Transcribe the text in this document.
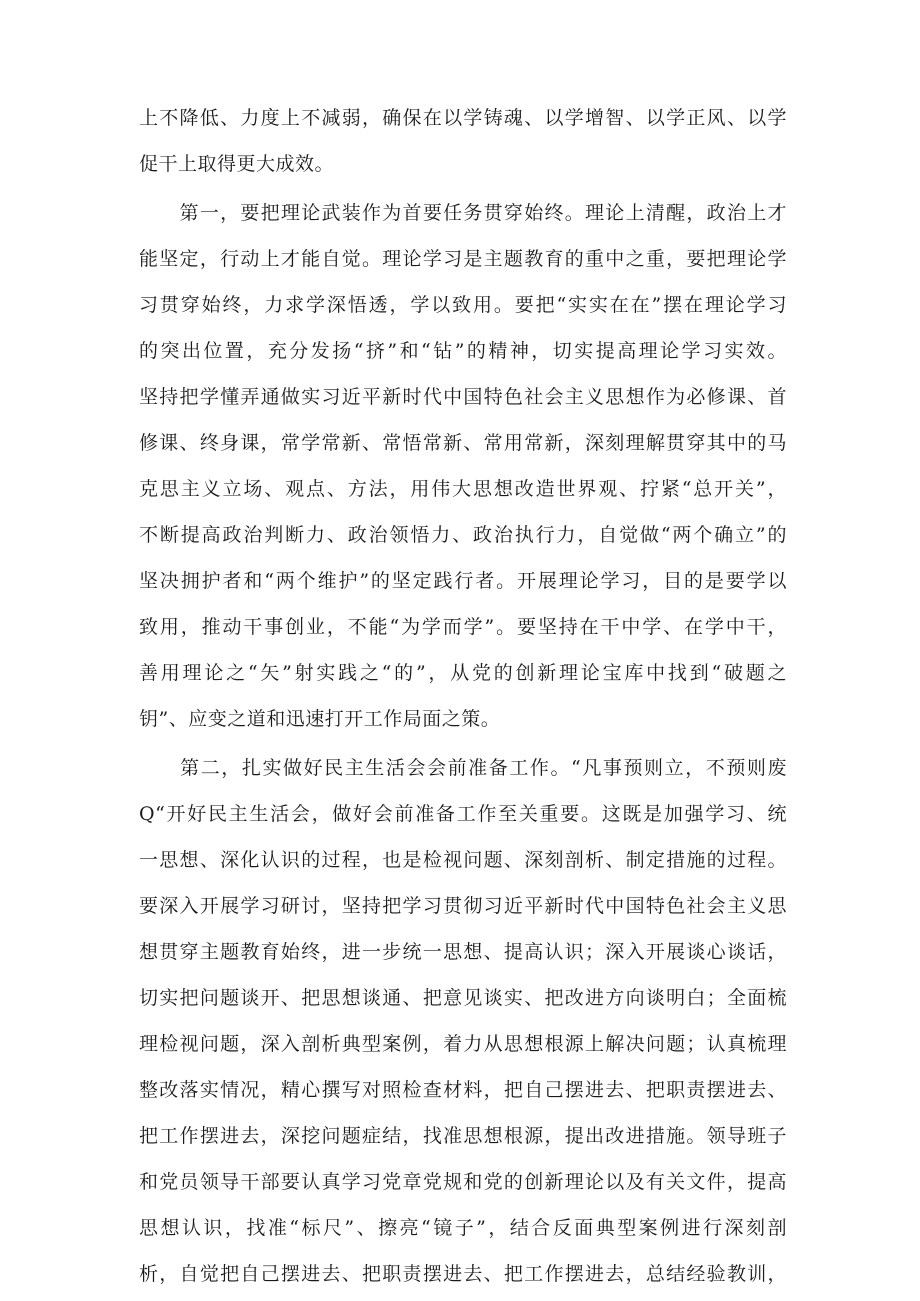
上不降低、力度上不减弱，确保在以学铸魂、以学增智、以学正风、以学
促干上取得更大成效。
　　第一，要把理论武装作为首要任务贯穿始终。理论上清醒，政治上才
能坚定，行动上才能自觉。理论学习是主题教育的重中之重，要把理论学
习贯穿始终，力求学深悟透，学以致用。要把“实实在在”摆在理论学习
的突出位置，充分发扬“挤”和“钻”的精神，切实提高理论学习实效。
坚持把学懂弄通做实习近平新时代中国特色社会主义思想作为必修课、首
修课、终身课，常学常新、常悟常新、常用常新，深刻理解贯穿其中的马
克思主义立场、观点、方法，用伟大思想改造世界观、拧紧“总开关”，
不断提高政治判断力、政治领悟力、政治执行力，自觉做“两个确立”的
坚决拥护者和“两个维护”的坚定践行者。开展理论学习，目的是要学以
致用，推动干事创业，不能“为学而学”。要坚持在干中学、在学中干，
善用理论之“矢”射实践之“的”，从党的创新理论宝库中找到“破题之
钥”、应变之道和迅速打开工作局面之策。
　　第二，扎实做好民主生活会会前准备工作。“凡事预则立，不预则废
Q“开好民主生活会，做好会前准备工作至关重要。这既是加强学习、统
一思想、深化认识的过程，也是检视问题、深刻剖析、制定措施的过程。
要深入开展学习研讨，坚持把学习贯彻习近平新时代中国特色社会主义思
想贯穿主题教育始终，进一步统一思想、提高认识；深入开展谈心谈话，
切实把问题谈开、把思想谈通、把意见谈实、把改进方向谈明白；全面梳
理检视问题，深入剖析典型案例，着力从思想根源上解决问题；认真梳理
整改落实情况，精心撰写对照检查材料，把自己摆进去、把职责摆进去、
把工作摆进去，深挖问题症结，找准思想根源，提出改进措施。领导班子
和党员领导干部要认真学习党章党规和党的创新理论以及有关文件，提高
思想认识，找准“标尺”、擦亮“镜子”，结合反面典型案例进行深刻剖
析，自觉把自己摆进去、把职责摆进去、把工作摆进去，总结经验教训，
